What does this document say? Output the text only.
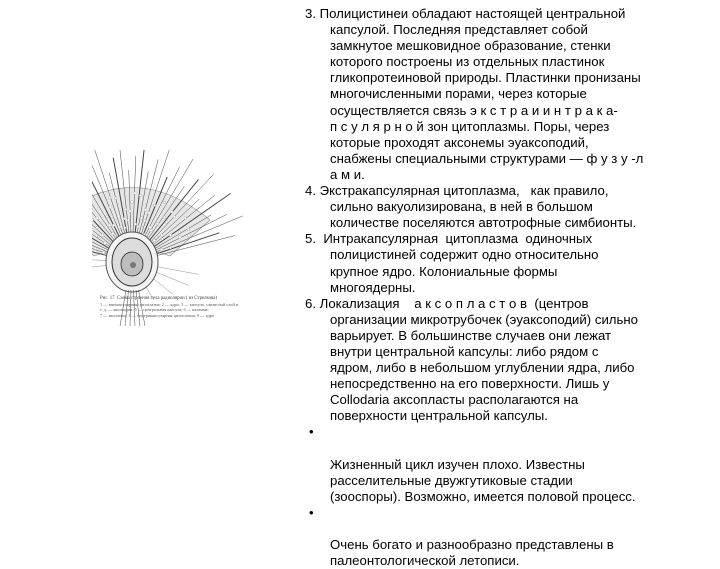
Рис. 17. Схема строения тела радиолярии ( из Стрелкова)
1 — внекапсулярная цитоплазма; 2 — ядро; 3 — капсула, слизистый слой и
т. д. — аксоподии; 5 — центральная капсула; 6 — каламма;
7 — аксонемы; 8 — внутрикапсулярная цитоплазма; 9 — ядро
3. Полицистинеи обладают настоящей центральной
капсулой. Последняя представляет собой
замкнутое мешковидное образование, стенки
которого построены из отдельных пластинок
гликопротеиновой природы. Пластинки пронизаны
многочисленными порами, через которые
осуществляется связь э к с т р а и и н т р а к а-
п с у л я р н о й зон цитоплазмы. Поры, через
которые проходят аксонемы эуаксоподий,
снабжены специальными структурами — ф у з у -л
а м и.
4. Экстракапсулярная цитоплазма,   как правило,
сильно вакуолизирована, в ней в большом
количестве поселяются автотрофные симбионты.
5.  Интракапсулярная  цитоплазма  одиночных
полицистиней содержит одно относительно
крупное ядро. Колониальные формы
многоядерны.
6. Локализация    а к с о п л а с т о в  (центров
организации микротрубочек (эуаксоподий) сильно
варьирует. В большинстве случаев они лежат
внутри центральной капсулы: либо рядом с
ядром, либо в небольшом углублении ядра, либо
непосредственно на его поверхности. Лишь у
Collodaria аксопласты располагаются на
поверхности центральной капсулы.

•

Жизненный цикл изучен плохо. Известны
расселительные двужгутиковые стадии
(зооспоры). Возможно, имеется половой процесс.

•

Очень богато и разнообразно представлены в
палеонтологической летописи.
